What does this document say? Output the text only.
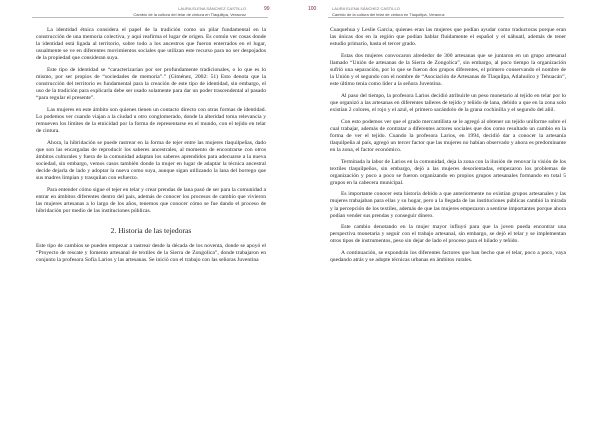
LAURA ELENA SÁNCHEZ CASTILLO
Cambio de la cultura del telar de cintura en Tlaquiltpa, Veracruz
99

La identidad étnica considera el papel de la tradición como un pilar fundamental en la construcción de una memoria colectiva, y aquí reafirma el lugar de origen. Es común ver cosas donde la identidad está ligada al territorio, sobre todo a los ancestros que fueron enterrados en el lugar, usualmente se ve en diferentes movimientos sociales que utilizan este recurso para no ser despojados de la propiedad que consideran suya.

Este tipo de identidad se “caracterizarían por ser profundamente tradicionales, o lo que es lo mismo, por ser propios de “sociedades de memoria”.” (Giménez, 2002: 51) Esto denota que la construcción del territorio es fundamental para la creación de este tipo de identidad, sin embargo, el uso de la tradición para explicarla debe ser usado solamente para dar un poder trascendental al pasado “para regular el presente”.

Las mujeres en este ámbito son quienes tienen un contacto directo con otras formas de identidad. Lo podemos ver cuando viajan a la ciudad u otro conglomerado, donde la alteridad toma relevancia y remueven los límites de la etnicidad por la forma de representarse en el mundo, con el tejido en telar de cintura.

Ahora, la hibridación se puede rastrear en la forma de tejer entre las mujeres tlaquilpeñas, dado que son las encargadas de reproducir los saberes ancestrales, al momento de encontrarse con otros ámbitos culturales y fuera de la comunidad adaptan los saberes aprendidos para adecuarse a la nueva sociedad, sin embargo, vemos casos también donde la mujer en lugar de adaptar la técnica ancestral decide dejarla de lado y adoptar la nueva como suya, aunque sigan utilizando la lana del borrego que sus madres limpian y trasquilan con esfuerzo.

Para entender cómo sigue el tejer en telar y crear prendas de lana pasó de ser para la comunidad a entrar en ámbitos diferentes dentro del país, además de conocer los procesos de cambio que vivieron las mujeres artesanas a lo largo de los años, tenemos que conocer cómo se fue dando el proceso de hibridación por medio de las instituciones públicas.

2. Historia de las tejedoras

Este tipo de cambios se pueden empezar a rastrear desde la década de los noventa, donde se apoyó el “Proyecto de rescate y fomento artesanal de textiles de la Sierra de Zongolica”, donde trabajaron en conjunto la profesora Sofía Larios y las artesanas. Se inició con el trabajo con las señoras Juventina

100	LAURA ELENA SÁNCHEZ CASTILLO
Cambio de la cultura del telar de cintura en Tlaquiltpa, Veracruz

Cuaquehua y Leslie Garcia, quienes eran las mujeres que podían ayudar como traductoras porque eran las únicas dos en la región que podían hablar fluidamente el español y el náhuatl, además de tener estudio primario, hasta el tercer grado.

Estas dos mujeres convocaron alrededor de 300 artesanas que se juntaron en un grupo artesanal llamado “Unión de artesanas de la Sierra de Zongolica”, sin embargo, al poco tiempo la organización sufrió una separación, por lo que se fueron dos grupos diferentes, el primero conservando el nombre de la Unión y el segundo con el nombre de “Asociación de Artesanas de Tlaquilpa, Atlahuilco y Tehuacán”, este último tenía como líder a la señora Juventina.

Al paso del tiempo, la profesora Larios decidió atribuirle un peso monetario al tejido en telar por lo que organizó a las artesanas en diferentes talleres de tejido y teñido de lana, debido a que en la zona solo existían 2 colores, el rojo y el azul, el primero sacándolo de la grana cochinilla y el segundo del añil.

Con esto podemos ver que el grado mercantilista se le agregó al obtener un tejido uniforme sobre el cual trabajar, además de contratar a diferentes actores sociales que dos como resultado un cambio en la forma de ver el tejido. Cuando la profesora Larios, en 1994, decidió dar a conocer la artesanía tlaquilpeña al país, agregó un tercer factor que las mujeres no habían observado y ahora es predominante en la zona, el factor económico.

Terminada la labor de Larios en la comunidad, deja la zona con la ilusión de renovar la visión de los textiles tlaquilpeños, sin embargo, dejó a las mujeres desorientadas, empezaron los problemas de organización y poco a poco se fueron organizando en propios grupos artesanales formando en total 5 grupos en la cabecera municipal.

Es importante conocer esta historia debido a que anteriormente no existían grupos artesanales y las mujeres trabajaban para ellas y su hogar, pero a la llegada de las instituciones públicas cambió la mirada y la percepción de los textiles, además de que las mujeres empezaron a sentirse importantes porque ahora podían vender sus prendas y conseguir dinero.

Este cambio denotando en la mujer mayor influyó para que la joven pueda encontrar una perspectiva monetaria y seguir con el trabajo artesanal, sin embargo, se dejó el telar y se implementan otros tipos de instrumentos, peso sin dejar de lado el proceso para el hilado y teñido.

A continuación, se expondrán los diferentes factores que han hecho que el telar, poco a poco, vaya quedando atrás y se adopte técnicas urbanas en ámbitos rurales.
